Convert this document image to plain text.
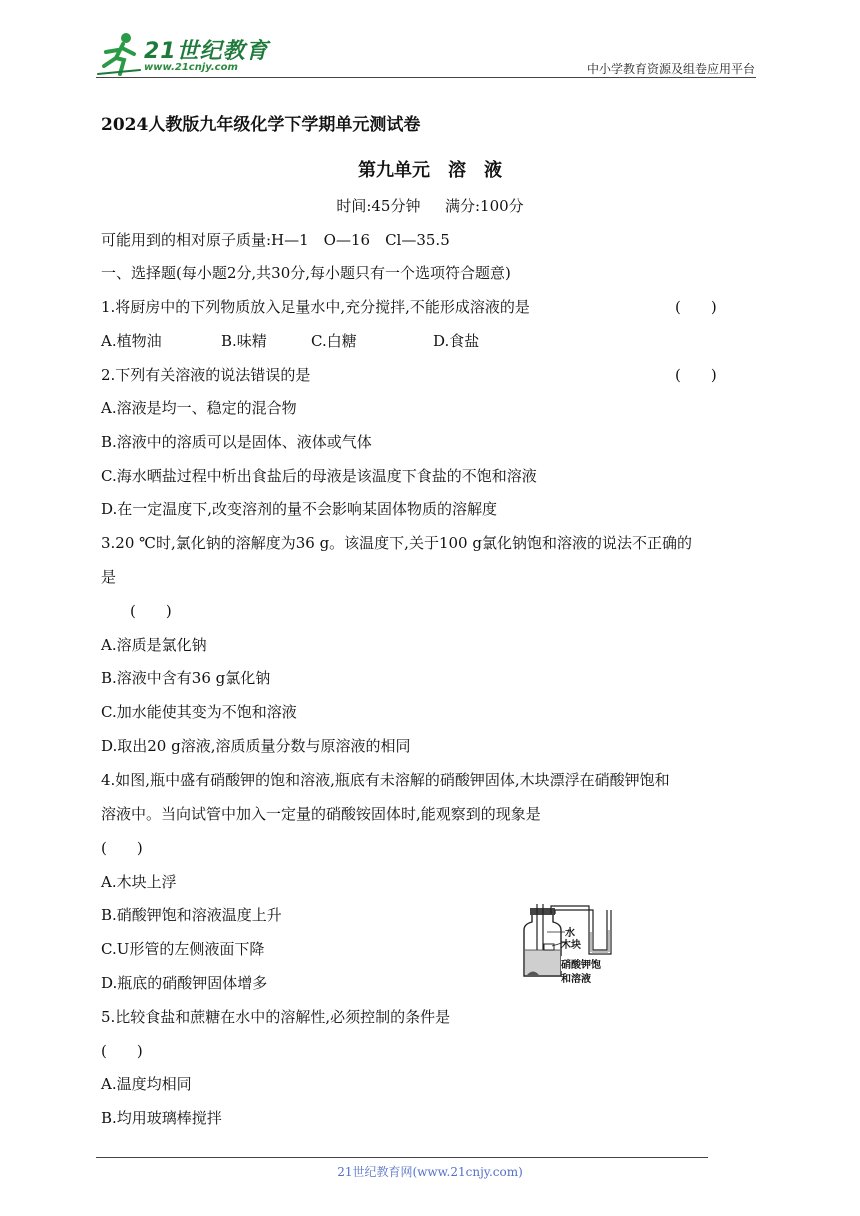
21世纪教育
www.21cnjy.com	中小学教育资源及组卷应用平台
2024人教版九年级化学下学期单元测试卷
第九单元　溶　液
时间:45分钟　  满分:100分
可能用到的相对原子质量:H—1　O—16　Cl—35.5
一、选择题(每小题2分,共30分,每小题只有一个选项符合题意)
1.将厨房中的下列物质放入足量水中,充分搅拌,不能形成溶液的是	(　　)
A.植物油	B.味精	C.白糖	D.食盐
2.下列有关溶液的说法错误的是	(　　)
A.溶液是均一、稳定的混合物
B.溶液中的溶质可以是固体、液体或气体
C.海水晒盐过程中析出食盐后的母液是该温度下食盐的不饱和溶液
D.在一定温度下,改变溶剂的量不会影响某固体物质的溶解度
3.20 ℃时,氯化钠的溶解度为36 g。该温度下,关于100 g氯化钠饱和溶液的说法不正确的
是
(　　)
A.溶质是氯化钠
B.溶液中含有36 g氯化钠
C.加水能使其变为不饱和溶液
D.取出20 g溶液,溶质质量分数与原溶液的相同
4.如图,瓶中盛有硝酸钾的饱和溶液,瓶底有未溶解的硝酸钾固体,木块漂浮在硝酸钾饱和
溶液中。当向试管中加入一定量的硝酸铵固体时,能观察到的现象是
(　　)
A.木块上浮
B.硝酸钾饱和溶液温度上升
C.U形管的左侧液面下降
D.瓶底的硝酸钾固体增多
水
木块
硝酸钾饱
和溶液
5.比较食盐和蔗糖在水中的溶解性,必须控制的条件是
(　　)
A.温度均相同
B.均用玻璃棒搅拌
21世纪教育网(www.21cnjy.com)
